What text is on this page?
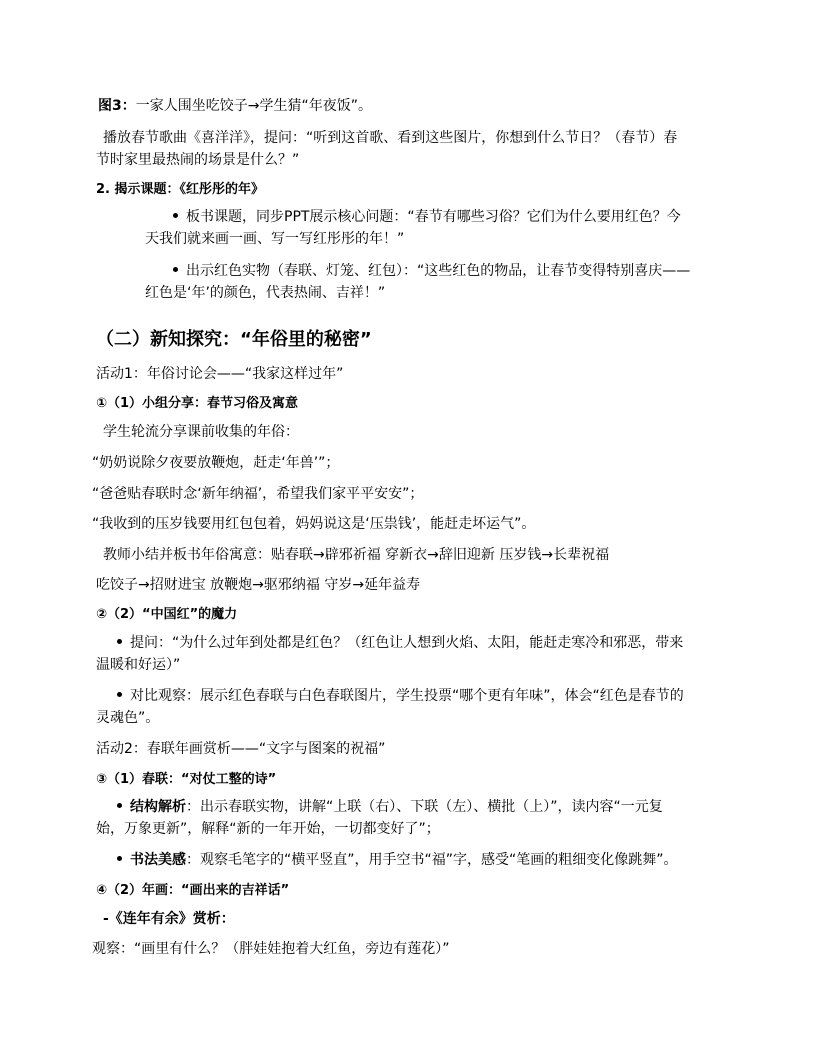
图3：一家人围坐吃饺子→学生猜“年夜饭”。
播放春节歌曲《喜洋洋》，提问：“听到这首歌、看到这些图片，你想到什么节日？（春节）春
节时家里最热闹的场景是什么？”
2. 揭示课题：《红彤彤的年》
板书课题，同步PPT展示核心问题：“春节有哪些习俗？它们为什么要用红色？今
天我们就来画一画、写一写红彤彤的年！”
出示红色实物（春联、灯笼、红包）：“这些红色的物品，让春节变得特别喜庆——
红色是‘年’的颜色，代表热闹、吉祥！”
（二）新知探究：“年俗里的秘密”
活动1：年俗讨论会——“我家这样过年”
①（1）小组分享：春节习俗及寓意
学生轮流分享课前收集的年俗：
“奶奶说除夕夜要放鞭炮，赶走‘年兽’”；
“爸爸贴春联时念‘新年纳福’，希望我们家平平安安”；
“我收到的压岁钱要用红包包着，妈妈说这是‘压祟钱’，能赶走坏运气”。
教师小结并板书年俗寓意：贴春联→辟邪祈福 穿新衣→辞旧迎新 压岁钱→长辈祝福
吃饺子→招财进宝 放鞭炮→驱邪纳福 守岁→延年益寿
②（2）“中国红”的魔力
提问：“为什么过年到处都是红色？（红色让人想到火焰、太阳，能赶走寒冷和邪恶，带来
温暖和好运）”
对比观察：展示红色春联与白色春联图片，学生投票“哪个更有年味”，体会“红色是春节的
灵魂色”。
活动2：春联年画赏析——“文字与图案的祝福”
③（1）春联：“对仗工整的诗”
结构解析：出示春联实物，讲解“上联（右）、下联（左）、横批（上）”，读内容“一元复
始，万象更新”，解释“新的一年开始，一切都变好了”；
书法美感：观察毛笔字的“横平竖直”，用手空书“福”字，感受“笔画的粗细变化像跳舞”。
④（2）年画：“画出来的吉祥话”
-《连年有余》赏析：
观察：“画里有什么？（胖娃娃抱着大红鱼，旁边有莲花）”
